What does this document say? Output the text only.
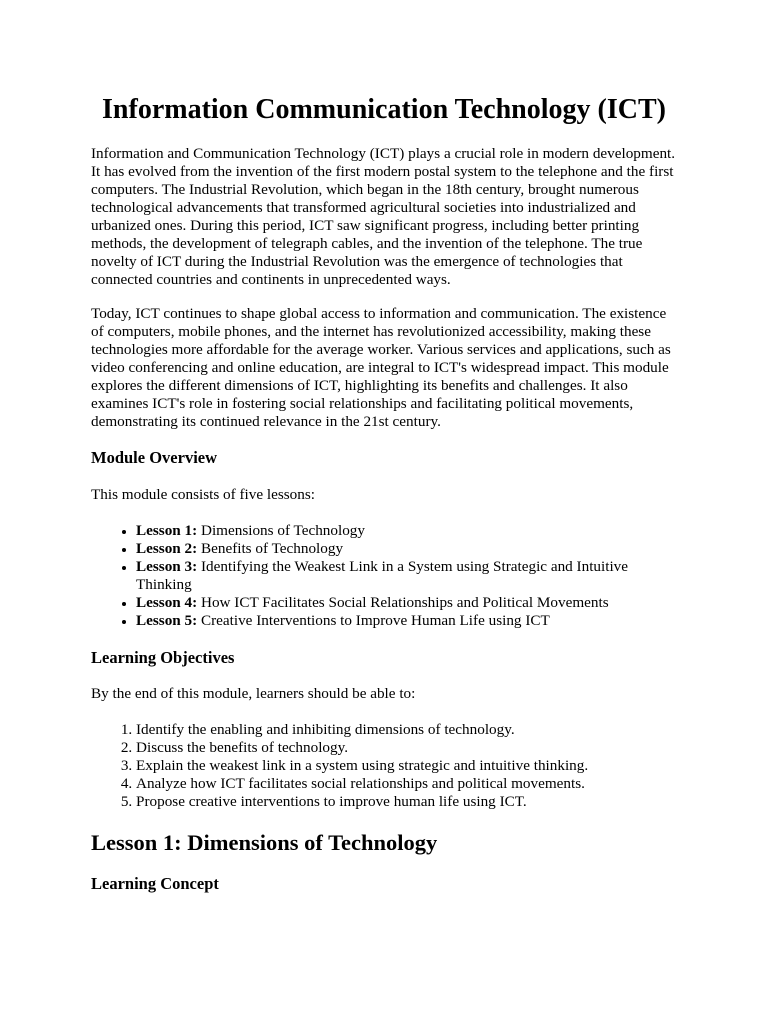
Information Communication Technology (ICT)

Information and Communication Technology (ICT) plays a crucial role in modern development. It has evolved from the invention of the first modern postal system to the telephone and the first computers. The Industrial Revolution, which began in the 18th century, brought numerous technological advancements that transformed agricultural societies into industrialized and urbanized ones. During this period, ICT saw significant progress, including better printing methods, the development of telegraph cables, and the invention of the telephone. The true novelty of ICT during the Industrial Revolution was the emergence of technologies that connected countries and continents in unprecedented ways.

Today, ICT continues to shape global access to information and communication. The existence of computers, mobile phones, and the internet has revolutionized accessibility, making these technologies more affordable for the average worker. Various services and applications, such as video conferencing and online education, are integral to ICT's widespread impact. This module explores the different dimensions of ICT, highlighting its benefits and challenges. It also examines ICT's role in fostering social relationships and facilitating political movements, demonstrating its continued relevance in the 21st century.

Module Overview

This module consists of five lessons:

• Lesson 1: Dimensions of Technology
• Lesson 2: Benefits of Technology
• Lesson 3: Identifying the Weakest Link in a System using Strategic and Intuitive Thinking
• Lesson 4: How ICT Facilitates Social Relationships and Political Movements
• Lesson 5: Creative Interventions to Improve Human Life using ICT
Learning Objectives

By the end of this module, learners should be able to:

1. Identify the enabling and inhibiting dimensions of technology.
2. Discuss the benefits of technology.
3. Explain the weakest link in a system using strategic and intuitive thinking.
4. Analyze how ICT facilitates social relationships and political movements.
5. Propose creative interventions to improve human life using ICT.
Lesson 1: Dimensions of Technology
Learning Concept
